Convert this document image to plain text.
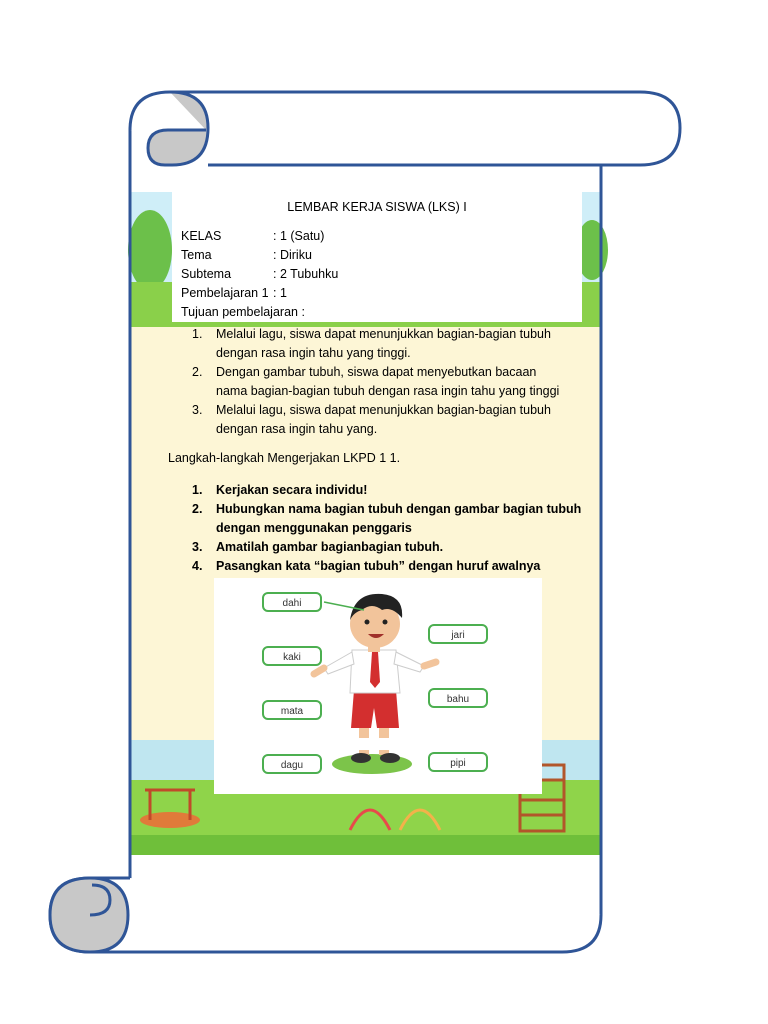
LEMBAR KERJA SISWA (LKS) I
KELAS	: 1 (Satu)
Tema	: Diriku
Subtema	: 2 Tubuhku
Pembelajaran 1 : 1
Tujuan pembelajaran :
1. Melalui lagu, siswa dapat menunjukkan bagian-bagian tubuh
dengan rasa ingin tahu yang tinggi.
2. Dengan gambar tubuh, siswa dapat menyebutkan bacaan
nama bagian-bagian tubuh dengan rasa ingin tahu yang tinggi
3. Melalui lagu, siswa dapat menunjukkan bagian-bagian tubuh
dengan rasa ingin tahu yang.
Langkah-langkah Mengerjakan LKPD 1 1.
1. Kerjakan secara individu!
2. Hubungkan nama bagian tubuh dengan gambar bagian tubuh
dengan menggunakan penggaris
3. Amatilah gambar bagianbagian tubuh.
4. Pasangkan kata “bagian tubuh” dengan huruf awalnya
dahi
kaki
mata
dagu
jari
bahu
pipi
